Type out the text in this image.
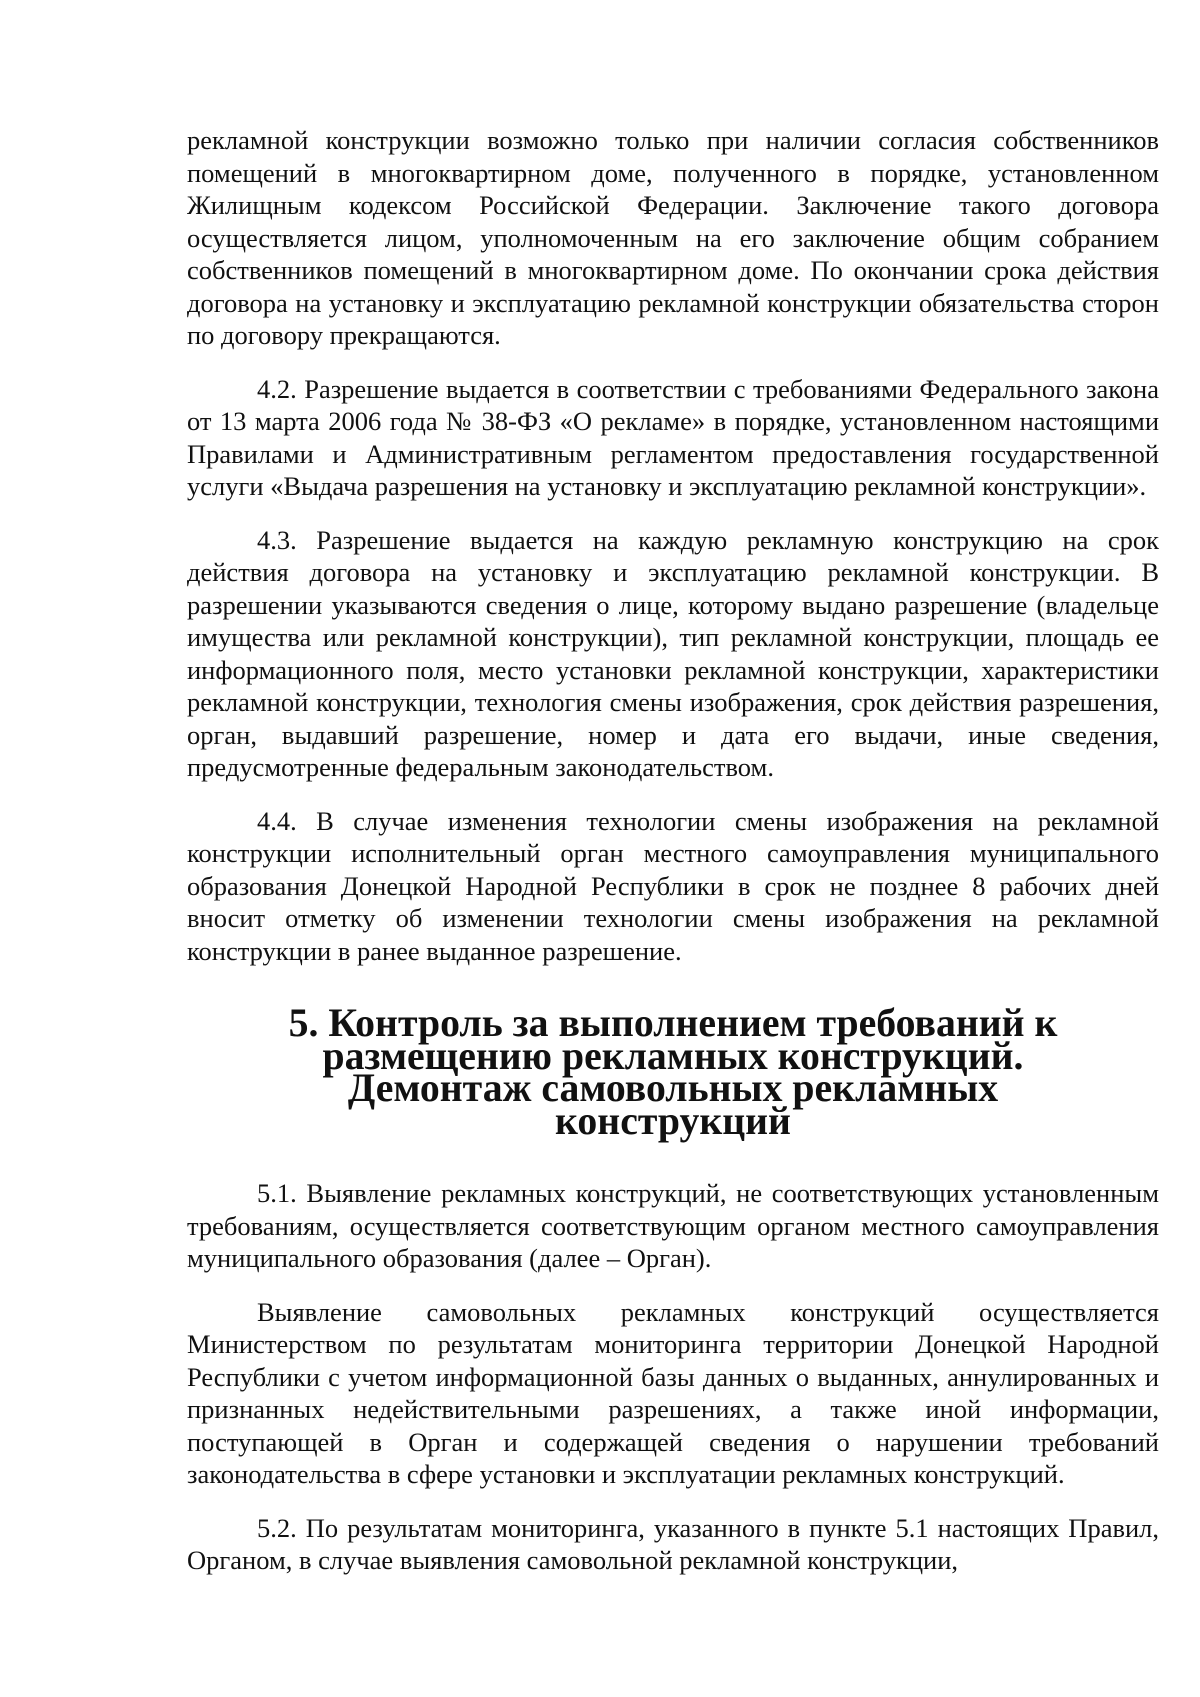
рекламной конструкции возможно только при наличии согласия собственников помещений в многоквартирном доме, полученного в порядке, установленном Жилищным кодексом Российской Федерации. Заключение такого договора осуществляется лицом, уполномоченным на его заключение общим собранием собственников помещений в многоквартирном доме. По окончании срока действия договора на установку и эксплуатацию рекламной конструкции обязательства сторон по договору прекращаются.

4.2. Разрешение выдается в соответствии с требованиями Федерального закона от 13 марта 2006 года № 38-ФЗ «О рекламе» в порядке, установленном настоящими Правилами и Административным регламентом предоставления государственной услуги «Выдача разрешения на установку и эксплуатацию рекламной конструкции».

4.3. Разрешение выдается на каждую рекламную конструкцию на срок действия договора на установку и эксплуатацию рекламной конструкции. В разрешении указываются сведения о лице, которому выдано разрешение (владельце имущества или рекламной конструкции), тип рекламной конструкции, площадь ее информационного поля, место установки рекламной конструкции, характеристики рекламной конструкции, технология смены изображения, срок действия разрешения, орган, выдавший разрешение, номер и дата его выдачи, иные сведения, предусмотренные федеральным законодательством.

4.4. В случае изменения технологии смены изображения на рекламной конструкции исполнительный орган местного самоуправления муниципального образования Донецкой Народной Республики в срок не позднее 8 рабочих дней вносит отметку об изменении технологии смены изображения на рекламной конструкции в ранее выданное разрешение.

5. Контроль за выполнением требований к размещению рекламных конструкций. Демонтаж самовольных рекламных конструкций

5.1. Выявление рекламных конструкций, не соответствующих установленным требованиям, осуществляется соответствующим органом местного самоуправления муниципального образования (далее – Орган).

Выявление самовольных рекламных конструкций осуществляется Министерством по результатам мониторинга территории Донецкой Народной Республики с учетом информационной базы данных о выданных, аннулированных и признанных недействительными разрешениях, а также иной информации, поступающей в Орган и содержащей сведения о нарушении требований законодательства в сфере установки и эксплуатации рекламных конструкций.

5.2. По результатам мониторинга, указанного в пункте 5.1 настоящих Правил, Органом, в случае выявления самовольной рекламной конструкции,
